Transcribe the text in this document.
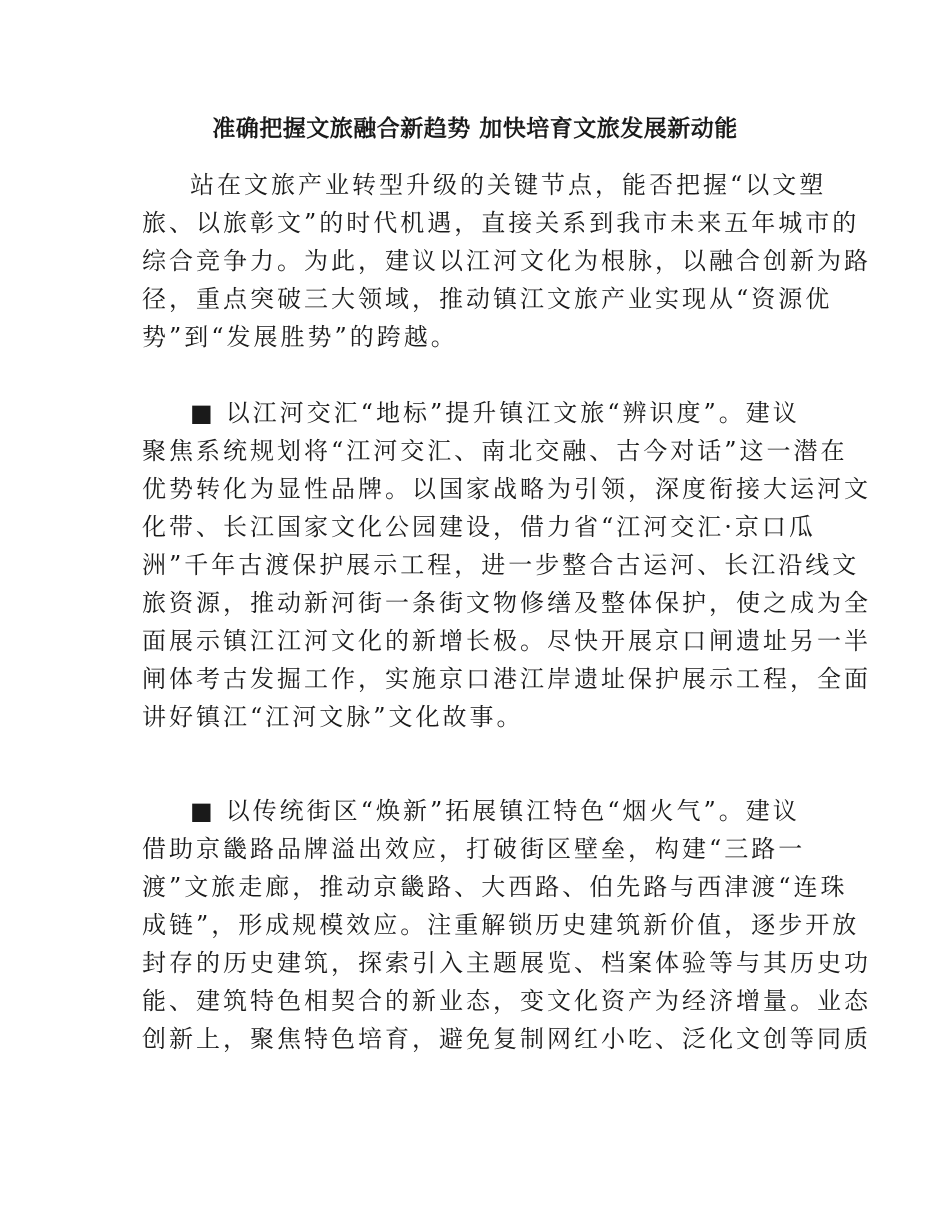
准确把握文旅融合新趋势 加快培育文旅发展新动能
站在文旅产业转型升级的关键节点，能否把握“以文塑
旅、以旅彰文”的时代机遇，直接关系到我市未来五年城市的
综合竞争力。为此，建议以江河文化为根脉，以融合创新为路
径，重点突破三大领域，推动镇江文旅产业实现从“资源优
势”到“发展胜势”的跨越。
■ 以江河交汇“地标”提升镇江文旅“辨识度”。建议
聚焦系统规划将“江河交汇、南北交融、古今对话”这一潜在
优势转化为显性品牌。以国家战略为引领，深度衔接大运河文
化带、长江国家文化公园建设，借力省“江河交汇·京口瓜
洲”千年古渡保护展示工程，进一步整合古运河、长江沿线文
旅资源，推动新河街一条街文物修缮及整体保护，使之成为全
面展示镇江江河文化的新增长极。尽快开展京口闸遗址另一半
闸体考古发掘工作，实施京口港江岸遗址保护展示工程，全面
讲好镇江“江河文脉”文化故事。
■ 以传统街区“焕新”拓展镇江特色“烟火气”。建议
借助京畿路品牌溢出效应，打破街区壁垒，构建“三路一
渡”文旅走廊，推动京畿路、大西路、伯先路与西津渡“连珠
成链”，形成规模效应。注重解锁历史建筑新价值，逐步开放
封存的历史建筑，探索引入主题展览、档案体验等与其历史功
能、建筑特色相契合的新业态，变文化资产为经济增量。业态
创新上，聚焦特色培育，避免复制网红小吃、泛化文创等同质
